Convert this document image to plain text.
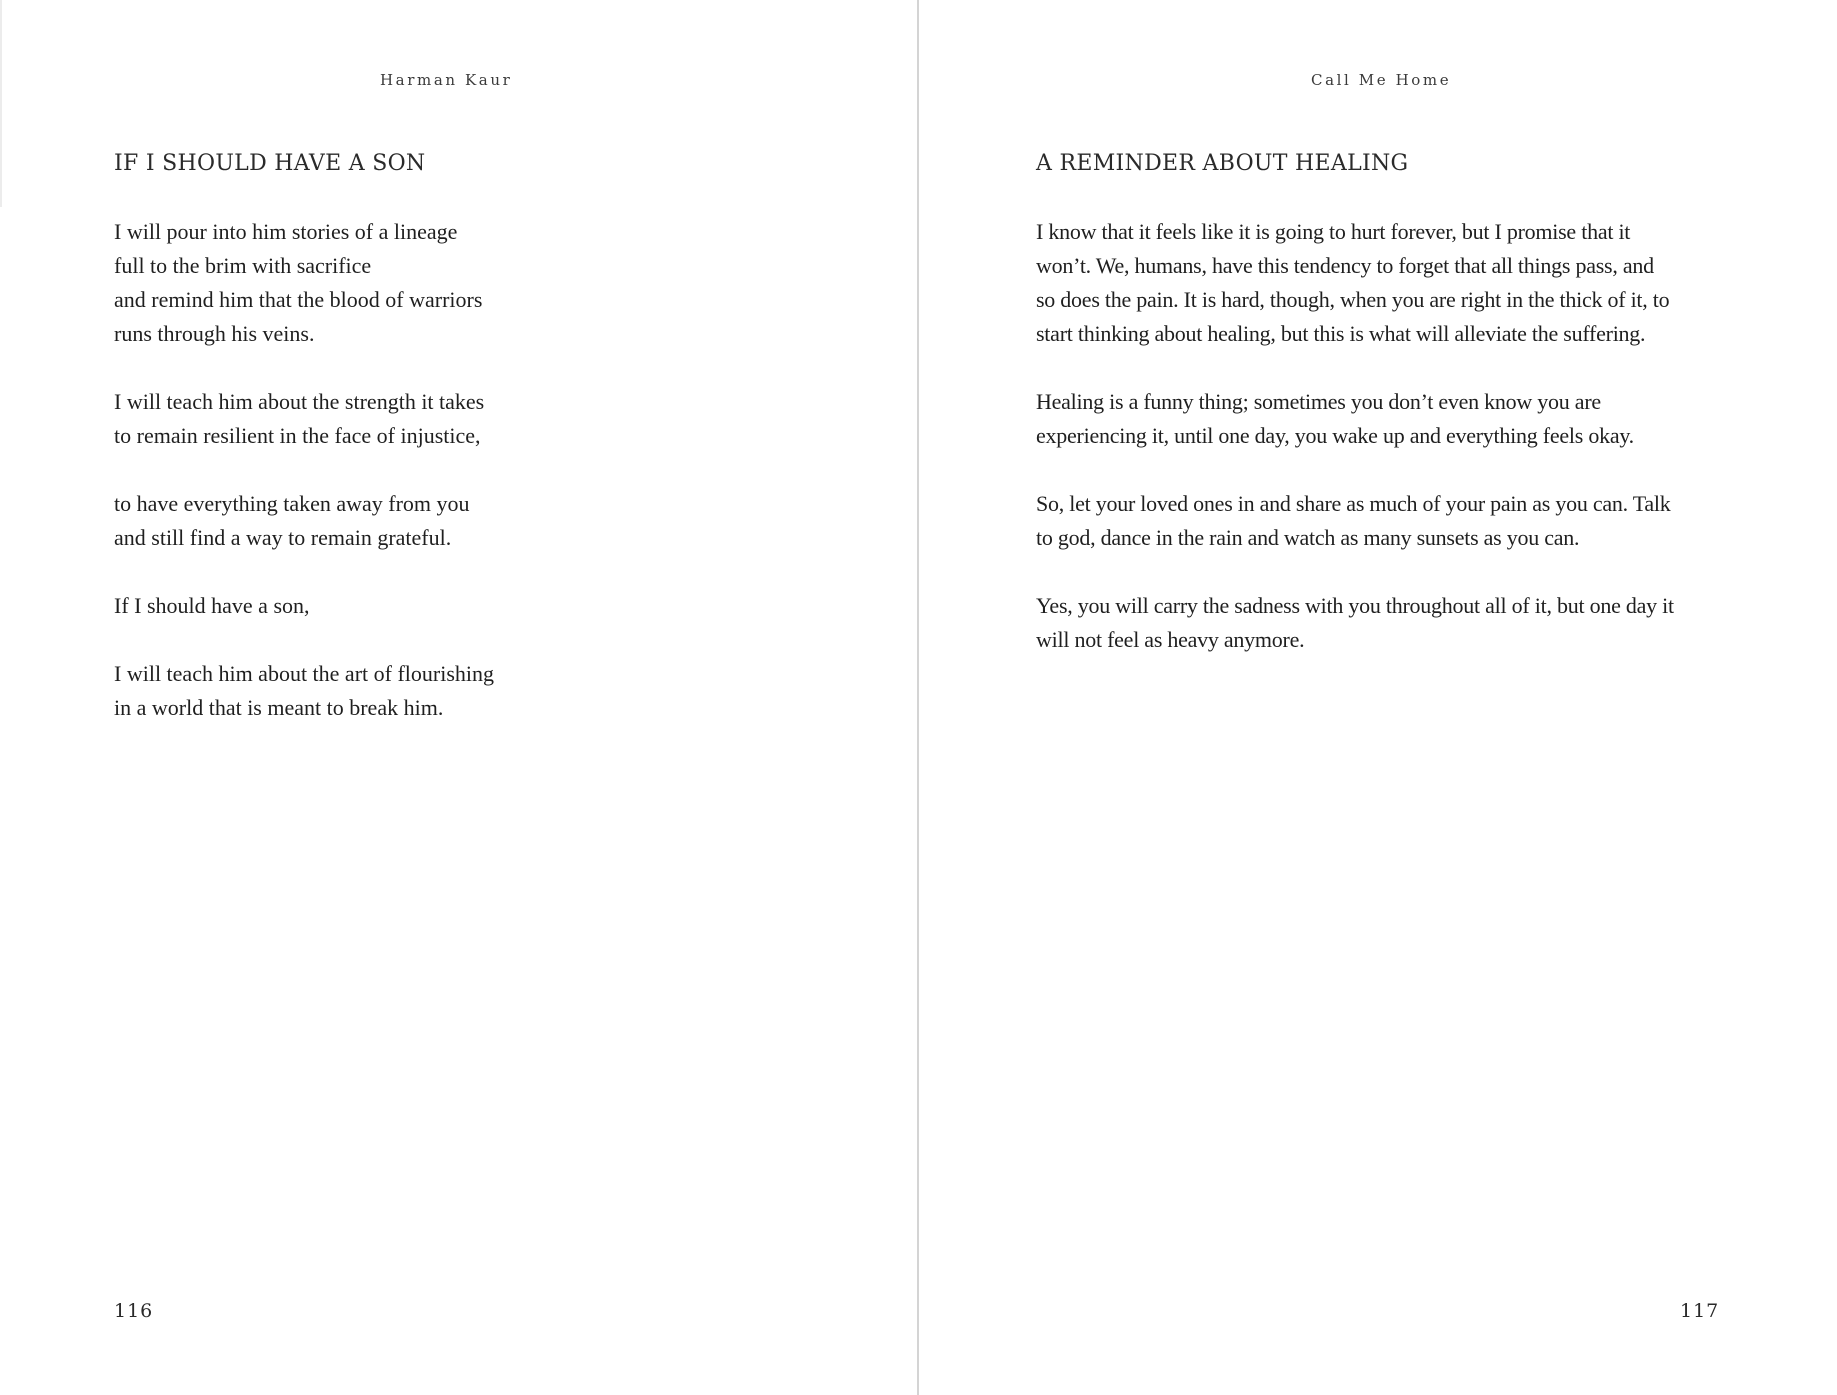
Harman Kaur
IF I SHOULD HAVE A SON

I will pour into him stories of a lineage
full to the brim with sacrifice
and remind him that the blood of warriors
runs through his veins.

I will teach him about the strength it takes
to remain resilient in the face of injustice,

to have everything taken away from you
and still find a way to remain grateful.

If I should have a son,

I will teach him about the art of flourishing
in a world that is meant to break him.

116
Call Me Home
A REMINDER ABOUT HEALING

I know that it feels like it is going to hurt forever, but I promise that it
won’t. We, humans, have this tendency to forget that all things pass, and
so does the pain. It is hard, though, when you are right in the thick of it, to
start thinking about healing, but this is what will alleviate the suffering.

Healing is a funny thing; sometimes you don’t even know you are
experiencing it, until one day, you wake up and everything feels okay.

So, let your loved ones in and share as much of your pain as you can. Talk
to god, dance in the rain and watch as many sunsets as you can.

Yes, you will carry the sadness with you throughout all of it, but one day it
will not feel as heavy anymore.

117
